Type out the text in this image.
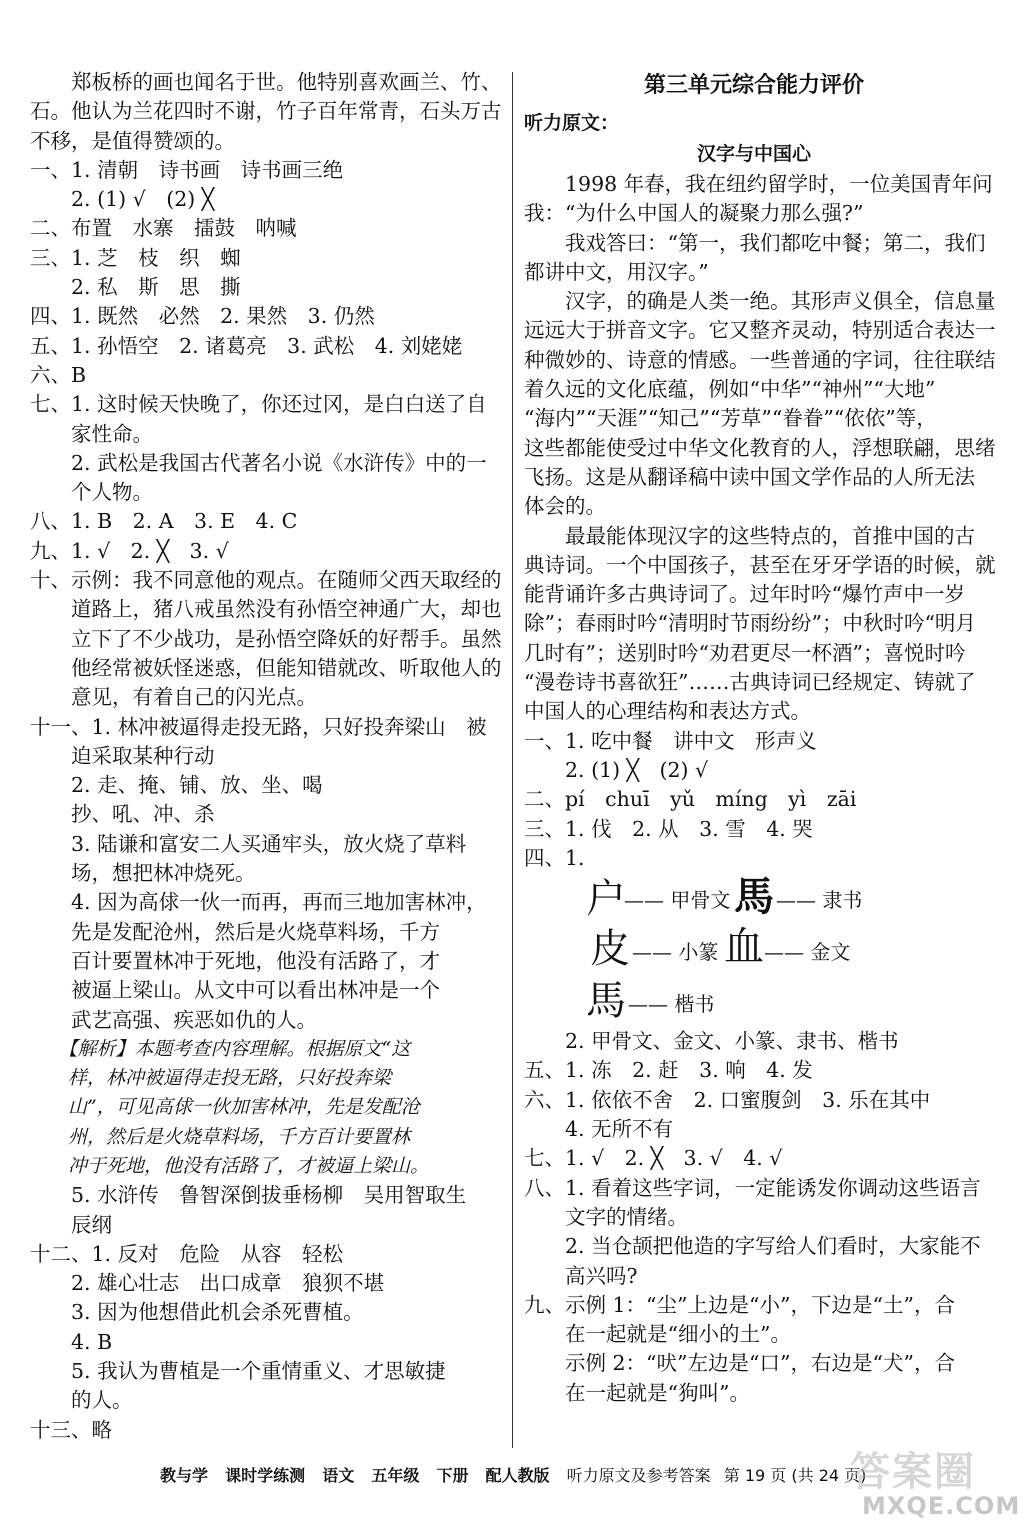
　　郑板桥的画也闻名于世。他特别喜欢画兰、竹、
石。他认为兰花四时不谢，竹子百年常青，石头万古
不移，是值得赞颂的。
一、1. 清朝　诗书画　诗书画三绝
　　2. (1) √　(2) ╳
二、布置　水寨　擂鼓　呐喊
三、1. 芝　枝　织　蜘
　　2. 私　斯　思　撕
四、1. 既然　必然　2. 果然　3. 仍然
五、1. 孙悟空　2. 诸葛亮　3. 武松　4. 刘姥姥
六、B
七、1. 这时候天快晚了，你还过冈，是白白送了自
　　家性命。
　　2. 武松是我国古代著名小说《水浒传》中的一
　　个人物。
八、1. B　2. A　3. E　4. C
九、1. √　2. ╳　3. √
十、示例：我不同意他的观点。在随师父西天取经的
　　道路上，猪八戒虽然没有孙悟空神通广大，却也
　　立下了不少战功，是孙悟空降妖的好帮手。虽然
　　他经常被妖怪迷惑，但能知错就改、听取他人的
　　意见，有着自己的闪光点。
十一、1. 林冲被逼得走投无路，只好投奔梁山　被
　　迫采取某种行动
　　2. 走、掩、铺、放、坐、喝
　　抄、吼、冲、杀
　　3. 陆谦和富安二人买通牢头，放火烧了草料
　　场，想把林冲烧死。
　　4. 因为高俅一伙一而再，再而三地加害林冲，
　　先是发配沧州，然后是火烧草料场，千方
　　百计要置林冲于死地，他没有活路了，才
　　被逼上梁山。从文中可以看出林冲是一个
　　武艺高强、疾恶如仇的人。
　　【解析】本题考查内容理解。根据原文“这
　　样，林冲被逼得走投无路，只好投奔梁
　　山”，可见高俅一伙加害林冲，先是发配沧
　　州，然后是火烧草料场，千方百计要置林
　　冲于死地，他没有活路了，才被逼上梁山。
　　5. 水浒传　鲁智深倒拔垂杨柳　吴用智取生
　　辰纲
十二、1. 反对　危险　从容　轻松
　　2. 雄心壮志　出口成章　狼狈不堪
　　3. 因为他想借此机会杀死曹植。
　　4. B
　　5. 我认为曹植是一个重情重义、才思敏捷
　　的人。
十三、略
第三单元综合能力评价
听力原文：
汉字与中国心
　　1998 年春，我在纽约留学时，一位美国青年问
我：“为什么中国人的凝聚力那么强?”
　　我戏答曰：“第一，我们都吃中餐；第二，我们
都讲中文，用汉字。”
　　汉字，的确是人类一绝。其形声义俱全，信息量
远远大于拼音文字。它又整齐灵动，特别适合表达一
种微妙的、诗意的情感。一些普通的字词，往往联结
着久远的文化底蕴，例如“中华”“神州”“大地”
“海内”“天涯”“知己”“芳草”“眷眷”“依依”等，
这些都能使受过中华文化教育的人，浮想联翩，思绪
飞扬。这是从翻译稿中读中国文学作品的人所无法
体会的。
　　最最能体现汉字的这些特点的，首推中国的古
典诗词。一个中国孩子，甚至在牙牙学语的时候，就
能背诵许多古典诗词了。过年时吟“爆竹声中一岁
除”；春雨时吟“清明时节雨纷纷”；中秋时吟“明月
几时有”；送别时吟“劝君更尽一杯酒”；喜悦时吟
“漫卷诗书喜欲狂”……古典诗词已经规定、铸就了
中国人的心理结构和表达方式。
一、1. 吃中餐　讲中文　形声义
　　2. (1) ╳　(2) √
二、pí　chuī　yǔ　míng　yì　zāi
三、1. 伐　2. 从　3. 雪　4. 哭
四、1.
⼾
—— 甲骨文 馬 —— 隶书
⽪ —— 小篆 ⾎ —— 金文
馬 —— 楷书
　　2. 甲骨文、金文、小篆、隶书、楷书
五、1. 冻　2. 赶　3. 响　4. 发
六、1. 依依不舍　2. 口蜜腹剑　3. 乐在其中
　　4. 无所不有
七、1. √　2. ╳　3. √　4. √
八、1. 看着这些字词，一定能诱发你调动这些语言
　　文字的情绪。
　　2. 当仓颉把他造的字写给人们看时，大家能不
　　高兴吗?
九、示例 1：“尘”上边是“小”，下边是“土”，合
　　在一起就是“细小的土”。
　　示例 2：“吠”左边是“口”，右边是“犬”，合
　　在一起就是“狗叫”。
教与学 课时学练测 语文 五年级 下册 配人教版 听力原文及参考答案 第 19 页 (共 24 页)
答案圈
MXQE.COM
